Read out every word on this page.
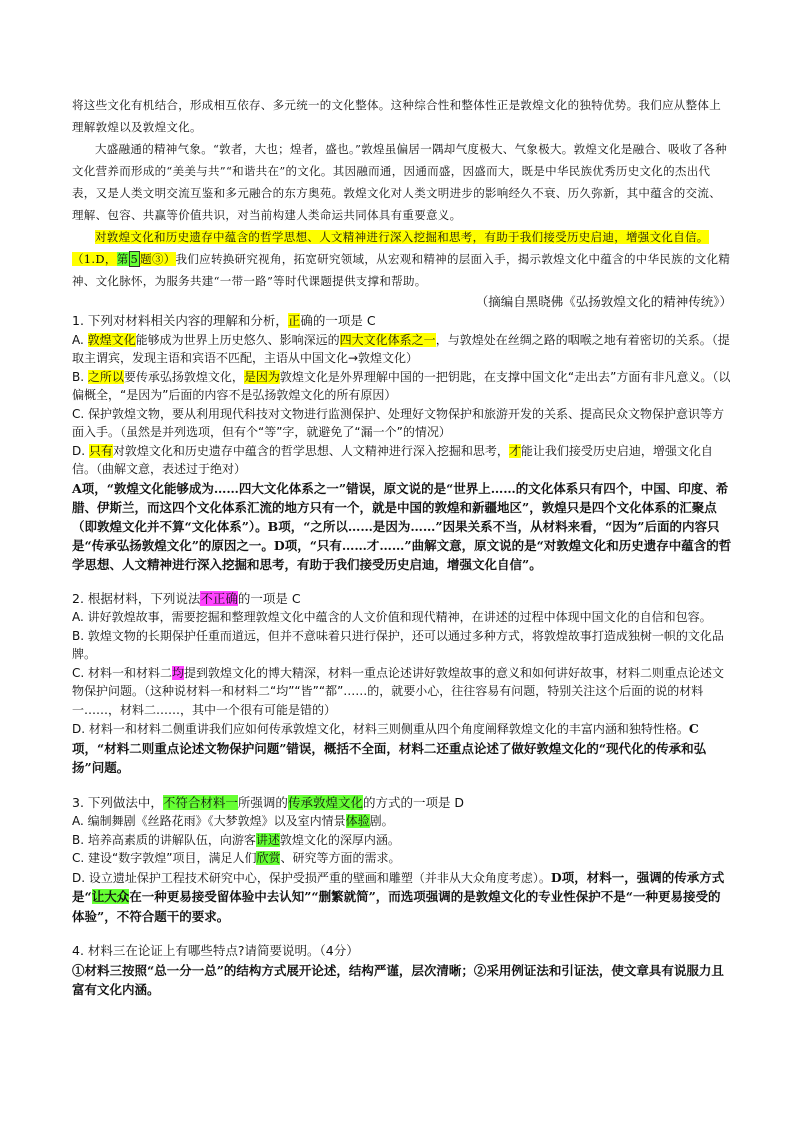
将这些文化有机结合，形成相互依存、多元统一的文化整体。这种综合性和整体性正是敦煌文化的独特优势。我们应从整体上理解敦煌以及敦煌文化。

大盛融通的精神气象。“敦者，大也；煌者，盛也。”敦煌虽偏居一隅却气度极大、气象极大。敦煌文化是融合、吸收了各种文化营养而形成的“美美与共”“和谐共在”的文化。其因融而通，因通而盛，因盛而大，既是中华民族优秀历史文化的杰出代表，又是人类文明交流互鉴和多元融合的东方奥苑。敦煌文化对人类文明进步的影响经久不衰、历久弥新，其中蕴含的交流、理解、包容、共赢等价值共识，对当前构建人类命运共同体具有重要意义。

对敦煌文化和历史遗存中蕴含的哲学思想、人文精神进行深入挖掘和思考，有助于我们接受历史启迪，增强文化自信。（1.D，第 5 题③）我们应转换研究视角，拓宽研究领域，从宏观和精神的层面入手，揭示敦煌文化中蕴含的中华民族的文化精神、文化脉怀，为服务共建“一带一路”等时代课题提供支撑和帮助。

（摘编自黑晓佛《弘扬敦煌文化的精神传统》）

1. 下列对材料相关内容的理解和分析，正确的一项是 C

A. 敦煌文化能够成为世界上历史悠久、影响深远的四大文化体系之一，与敦煌处在丝绸之路的咽喉之地有着密切的关系。（提取主谓宾，发现主语和宾语不匹配，主语从中国文化→敦煌文化）

B. 之所以要传承弘扬敦煌文化，是因为敦煌文化是外界理解中国的一把钥匙，在支撑中国文化“走出去”方面有非凡意义。（以偏概全，“是因为”后面的内容不是弘扬敦煌文化的所有原因）

C. 保护敦煌文物，要从利用现代科技对文物进行监测保护、处理好文物保护和旅游开发的关系、提高民众文物保护意识等方面入手。（虽然是并列选项，但有个“等”字，就避免了“漏一个”的情况）

D. 只有对敦煌文化和历史遗存中蕴含的哲学思想、人文精神进行深入挖掘和思考，才能让我们接受历史启迪，增强文化自信。（曲解文意，表述过于绝对）

A项，“敦煌文化能够成为……四大文化体系之一”错误，原文说的是“世界上……的文化体系只有四个，中国、印度、希腊、伊斯兰，而这四个文化体系汇流的地方只有一个，就是中国的敦煌和新疆地区”，敦煌只是四个文化体系的汇聚点（即敦煌文化并不算“文化体系”）。B项，“之所以……是因为……”因果关系不当，从材料来看，“因为”后面的内容只是“传承弘扬敦煌文化”的原因之一。D项，“只有……才……”曲解文意，原文说的是“对敦煌文化和历史遗存中蕴含的哲学思想、人文精神进行深入挖掘和思考，有助于我们接受历史启迪，增强文化自信”。

2. 根据材料，下列说法不正确的一项是 C

A. 讲好敦煌故事，需要挖掘和整理敦煌文化中蕴含的人文价值和现代精神，在讲述的过程中体现中国文化的自信和包容。

B. 敦煌文物的长期保护任重而道远，但并不意味着只进行保护，还可以通过多种方式，将敦煌故事打造成独树一帜的文化品牌。

C. 材料一和材料二均提到敦煌文化的博大精深，材料一重点论述讲好敦煌故事的意义和如何讲好故事，材料二则重点论述文物保护问题。（这种说材料一和材料二“均”“皆”“都”……的，就要小心，往往容易有问题，特别关注这个后面的说的材料一……，材料二……，其中一个很有可能是错的）

D. 材料一和材料二侧重讲我们应如何传承敦煌文化，材料三则侧重从四个角度阐释敦煌文化的丰富内涵和独特性格。C项，“材料二则重点论述文物保护问题”错误，概括不全面，材料二还重点论述了做好敦煌文化的“现代化的传承和弘扬”问题。

3. 下列做法中，不符合材料一所强调的传承敦煌文化的方式的一项是 D

A. 编制舞剧《丝路花雨》《大梦敦煌》以及室内情景体验剧。

B. 培养高素质的讲解队伍，向游客讲述敦煌文化的深厚内涵。

C. 建设“数字敦煌”项目，满足人们欣赏、研究等方面的需求。

D. 设立遗址保护工程技术研究中心，保护受损严重的壁画和雕塑（并非从大众角度考虑）。D项，材料一，强调的传承方式是“让大众在一种更易接受留体验中去认知”“删繁就简”，而选项强调的是敦煌文化的专业性保护不是“一种更易接受的体验”，不符合题干的要求。

4. 材料三在论证上有哪些特点?请简要说明。（4分）

①材料三按照“总一分一总”的结构方式展开论述，结构严谨，层次清晰；②采用例证法和引证法，使文章具有说服力且富有文化内涵。
